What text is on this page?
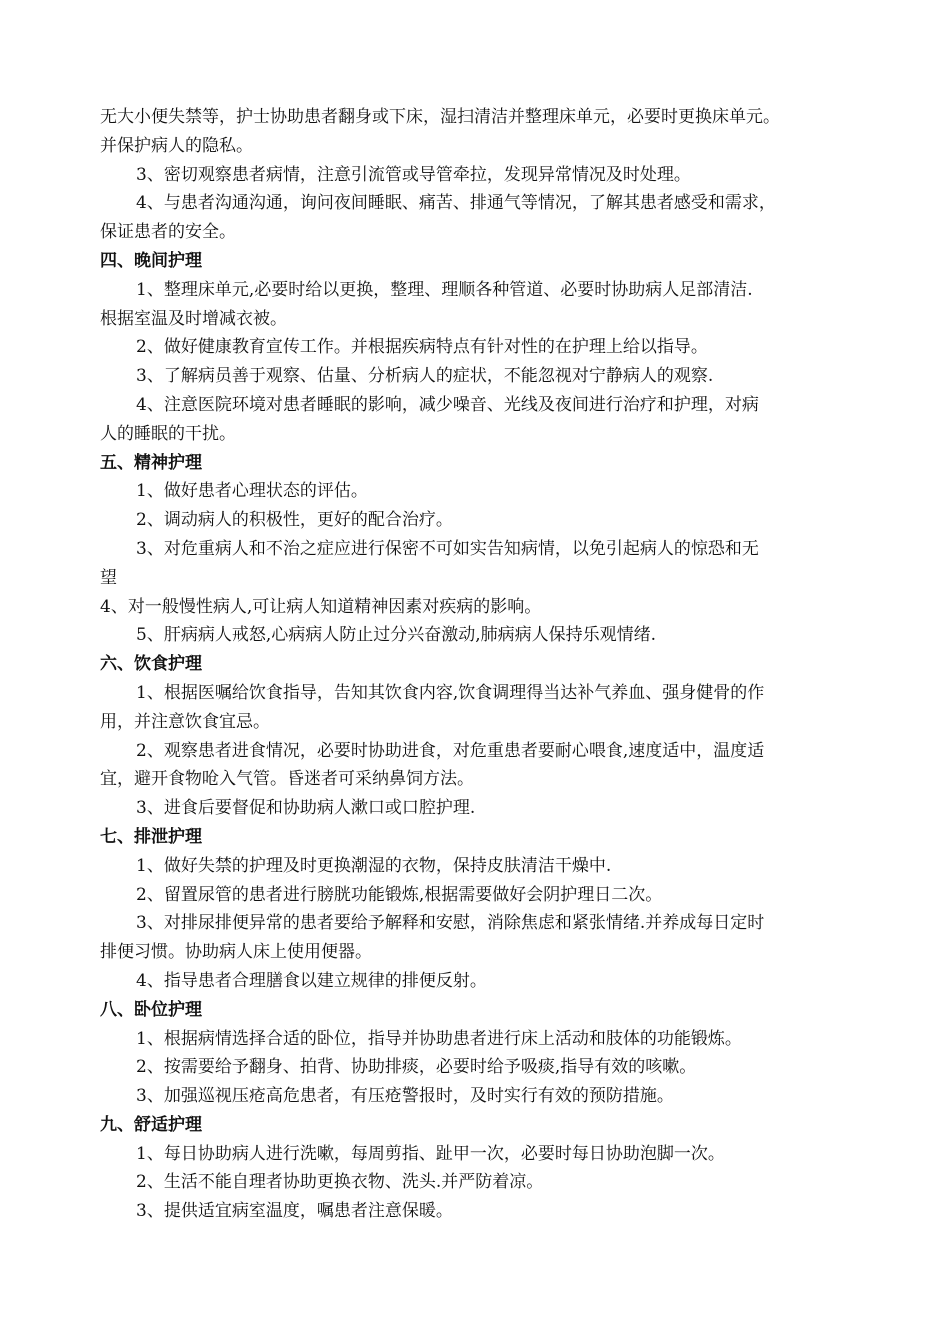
无大小便失禁等，护士协助患者翻身或下床，湿扫清洁并整理床单元，必要时更换床单元。
并保护病人的隐私。
3、密切观察患者病情，注意引流管或导管牵拉，发现异常情况及时处理。
4、与患者沟通沟通，询问夜间睡眠、痛苦、排通气等情况，了解其患者感受和需求，
保证患者的安全。
四、晚间护理
1、整理床单元,必要时给以更换，整理、理顺各种管道、必要时协助病人足部清洁.
根据室温及时增减衣被。
2、做好健康教育宣传工作。并根据疾病特点有针对性的在护理上给以指导。
3、了解病员善于观察、估量、分析病人的症状，不能忽视对宁静病人的观察.
4、注意医院环境对患者睡眠的影响，减少噪音、光线及夜间进行治疗和护理，对病
人的睡眠的干扰。
五、精神护理
1、做好患者心理状态的评估。
2、调动病人的积极性，更好的配合治疗。
3、对危重病人和不治之症应进行保密不可如实告知病情，以免引起病人的惊恐和无
望
4、对一般慢性病人,可让病人知道精神因素对疾病的影响。
5、肝病病人戒怒,心病病人防止过分兴奋激动,肺病病人保持乐观情绪.
六、饮食护理
1、根据医嘱给饮食指导，告知其饮食内容,饮食调理得当达补气养血、强身健骨的作
用，并注意饮食宜忌。
2、观察患者进食情况，必要时协助进食，对危重患者要耐心喂食,速度适中，温度适
宜，避开食物呛入气管。昏迷者可采纳鼻饲方法。
3、进食后要督促和协助病人漱口或口腔护理.
七、排泄护理
1、做好失禁的护理及时更换潮湿的衣物，保持皮肤清洁干燥中.
2、留置尿管的患者进行膀胱功能锻炼,根据需要做好会阴护理日二次。
3、对排尿排便异常的患者要给予解释和安慰，消除焦虑和紧张情绪.并养成每日定时
排便习惯。协助病人床上使用便器。
4、指导患者合理膳食以建立规律的排便反射。
八、卧位护理
1、根据病情选择合适的卧位，指导并协助患者进行床上活动和肢体的功能锻炼。
2、按需要给予翻身、拍背、协助排痰，必要时给予吸痰,指导有效的咳嗽。
3、加强巡视压疮高危患者，有压疮警报时，及时实行有效的预防措施。
九、舒适护理
1、每日协助病人进行洗嗽，每周剪指、趾甲一次，必要时每日协助泡脚一次。
2、生活不能自理者协助更换衣物、洗头.并严防着凉。
3、提供适宜病室温度，嘱患者注意保暖。
